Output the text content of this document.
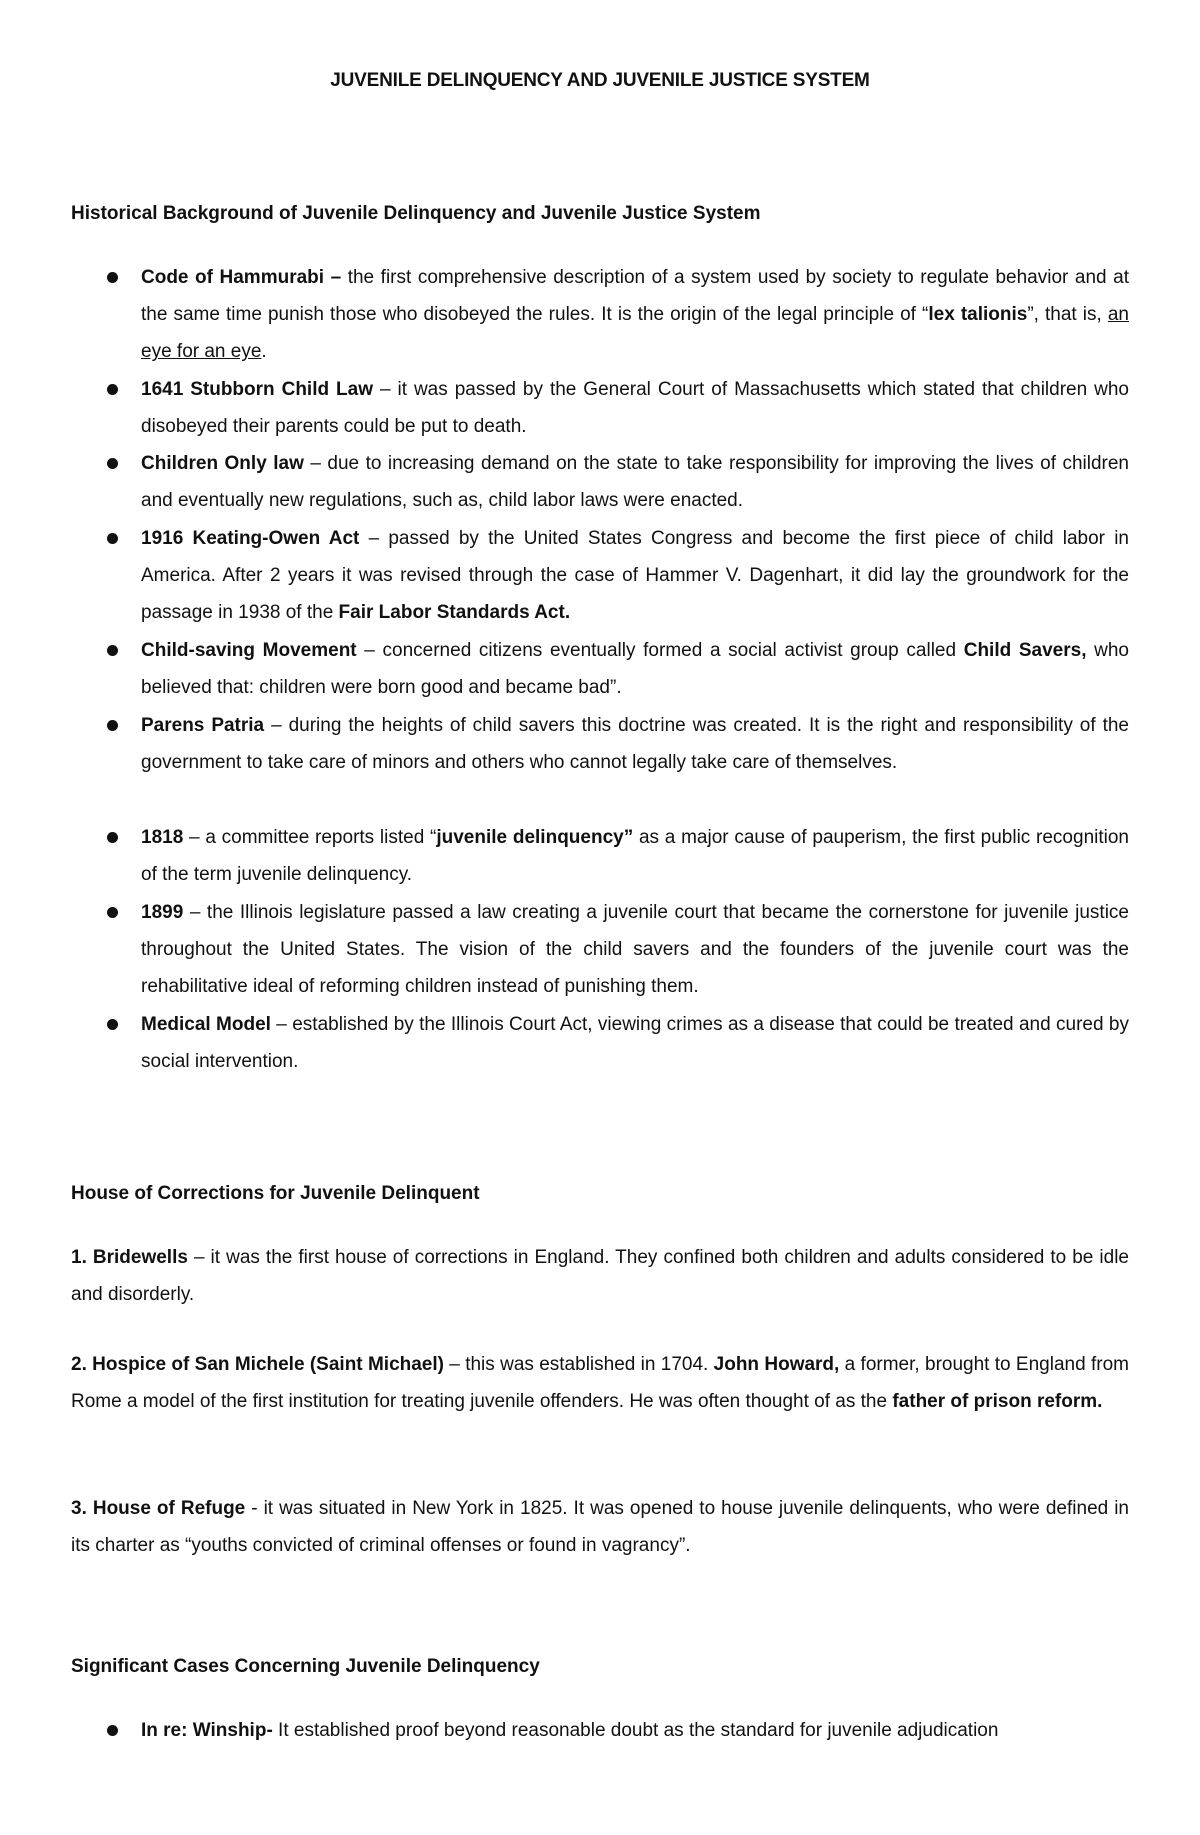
JUVENILE DELINQUENCY AND JUVENILE JUSTICE SYSTEM
Historical Background of Juvenile Delinquency and Juvenile Justice System
Code of Hammurabi – the first comprehensive description of a system used by society to regulate behavior and at the same time punish those who disobeyed the rules. It is the origin of the legal principle of “lex talionis”, that is, an eye for an eye.
1641 Stubborn Child Law – it was passed by the General Court of Massachusetts which stated that children who disobeyed their parents could be put to death.
Children Only law – due to increasing demand on the state to take responsibility for improving the lives of children and eventually new regulations, such as, child labor laws were enacted.
1916 Keating-Owen Act – passed by the United States Congress and become the first piece of child labor in America. After 2 years it was revised through the case of Hammer V. Dagenhart, it did lay the groundwork for the passage in 1938 of the Fair Labor Standards Act.
Child-saving Movement – concerned citizens eventually formed a social activist group called Child Savers, who believed that: children were born good and became bad”.
Parens Patria – during the heights of child savers this doctrine was created. It is the right and responsibility of the government to take care of minors and others who cannot legally take care of themselves.
1818 – a committee reports listed “juvenile delinquency” as a major cause of pauperism, the first public recognition of the term juvenile delinquency.
1899 – the Illinois legislature passed a law creating a juvenile court that became the cornerstone for juvenile justice throughout the United States. The vision of the child savers and the founders of the juvenile court was the rehabilitative ideal of reforming children instead of punishing them.
Medical Model – established by the Illinois Court Act, viewing crimes as a disease that could be treated and cured by social intervention.
House of Corrections for Juvenile Delinquent

1. Bridewells – it was the first house of corrections in England. They confined both children and adults considered to be idle and disorderly.

2. Hospice of San Michele (Saint Michael) – this was established in 1704. John Howard, a former, brought to England from Rome a model of the first institution for treating juvenile offenders. He was often thought of as the father of prison reform.

3. House of Refuge - it was situated in New York in 1825. It was opened to house juvenile delinquents, who were defined in its charter as “youths convicted of criminal offenses or found in vagrancy”.

Significant Cases Concerning Juvenile Delinquency
In re: Winship- It established proof beyond reasonable doubt as the standard for juvenile adjudication
